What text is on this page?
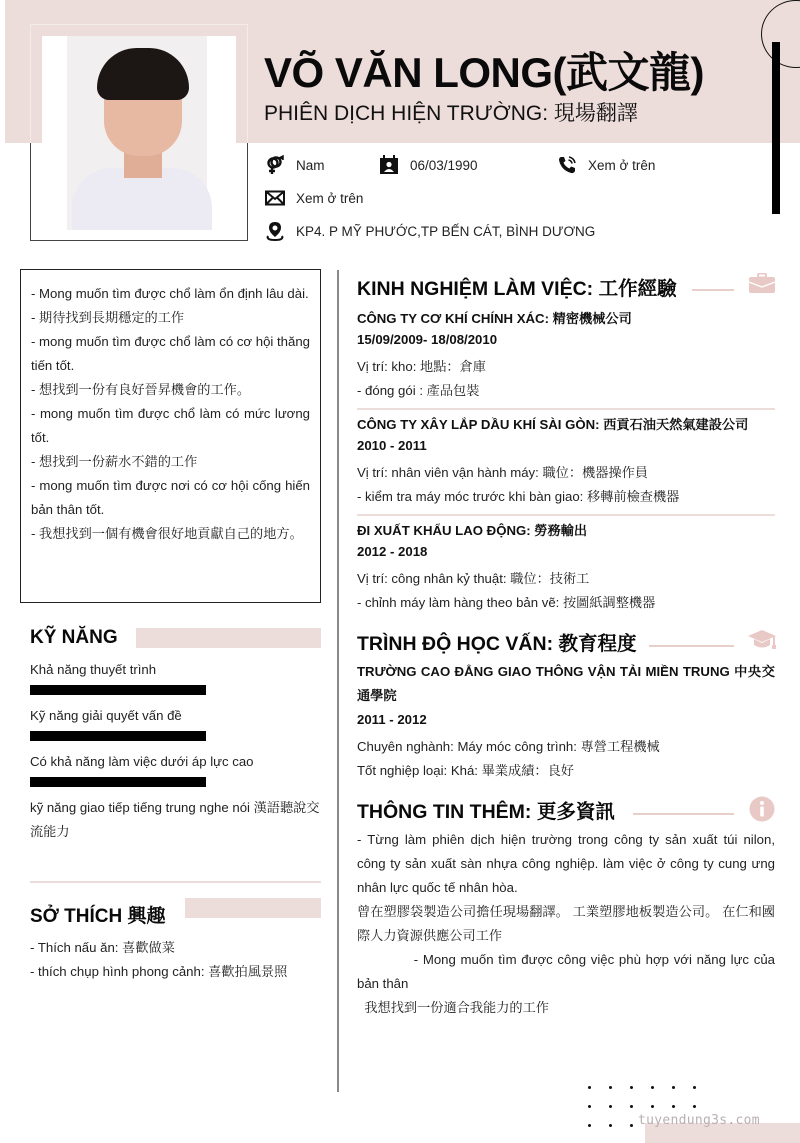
VÕ VĂN LONG(武文龍)
PHIÊN DỊCH HIỆN TRƯỜNG: 現場翻譯
Nam	06/03/1990	Xem ở trên
Xem ở trên
KP4. P MỸ PHƯỚC,TP BẾN CÁT, BÌNH DƯƠNG
- Mong muốn tìm được chổ làm ổn định lâu dài.
- 期待找到長期穩定的工作
- mong muốn tìm được chổ làm có cơ hội thăng tiến tốt.
- 想找到一份有良好晉昇機會的工作。
- mong muốn tìm được chổ làm có mức lương tốt.
- 想找到一份薪水不錯的工作
- mong muốn tìm được nơi có cơ hội cống hiến bản thân tốt.
- 我想找到一個有機會很好地貢獻自己的地方。
KỸ NĂNG
Khả năng thuyết trình
Kỹ năng giải quyết vấn đề
Có khả năng làm việc dưới áp lực cao
kỹ năng giao tiếp tiếng trung nghe nói 漢語聽說交流能力
SỞ THÍCH 興趣
- Thích nấu ăn: 喜歡做菜
- thích chụp hình phong cảnh: 喜歡拍風景照
KINH NGHIỆM LÀM VIỆC: 工作經驗
CÔNG TY CƠ KHÍ CHÍNH XÁC: 精密機械公司
15/09/2009- 18/08/2010
Vị trí: kho: 地點：倉庫
- đóng gói : 產品包裝
CÔNG TY XÂY LẮP DẦU KHÍ SÀI GÒN: 西貢石油天然氣建設公司
2010 - 2011
Vị trí: nhân viên vận hành máy: 職位：機器操作員
- kiểm tra máy móc trước khi bàn giao: 移轉前檢查機器
ĐI XUẤT KHẨU LAO ĐỘNG: 勞務輸出
2012 - 2018
Vị trí: công nhân kỷ thuật: 職位：技術工
- chỉnh máy làm hàng theo bản vẽ: 按圖紙調整機器
TRÌNH ĐỘ HỌC VẤN: 教育程度
TRƯỜNG CAO ĐẲNG GIAO THÔNG VẬN TẢI MIỀN TRUNG 中央交通學院
2011 - 2012
Chuyên nghành: Máy móc công trình: 專營工程機械
Tốt nghiệp loại: Khá: 畢業成績：良好
THÔNG TIN THÊM: 更多資訊
- Từng làm phiên dịch hiện trường trong công ty sản xuất túi nilon, công ty sản xuất sàn nhựa công nghiệp. làm việc ở công ty cung ưng nhân lực quốc tế nhân hòa.
曾在塑膠袋製造公司擔任現場翻譯。 工業塑膠地板製造公司。 在仁和國際人力資源供應公司工作
- Mong muốn tìm được công việc phù hợp với năng lực của bản thân
我想找到一份適合我能力的工作
tuyendung3s.com
